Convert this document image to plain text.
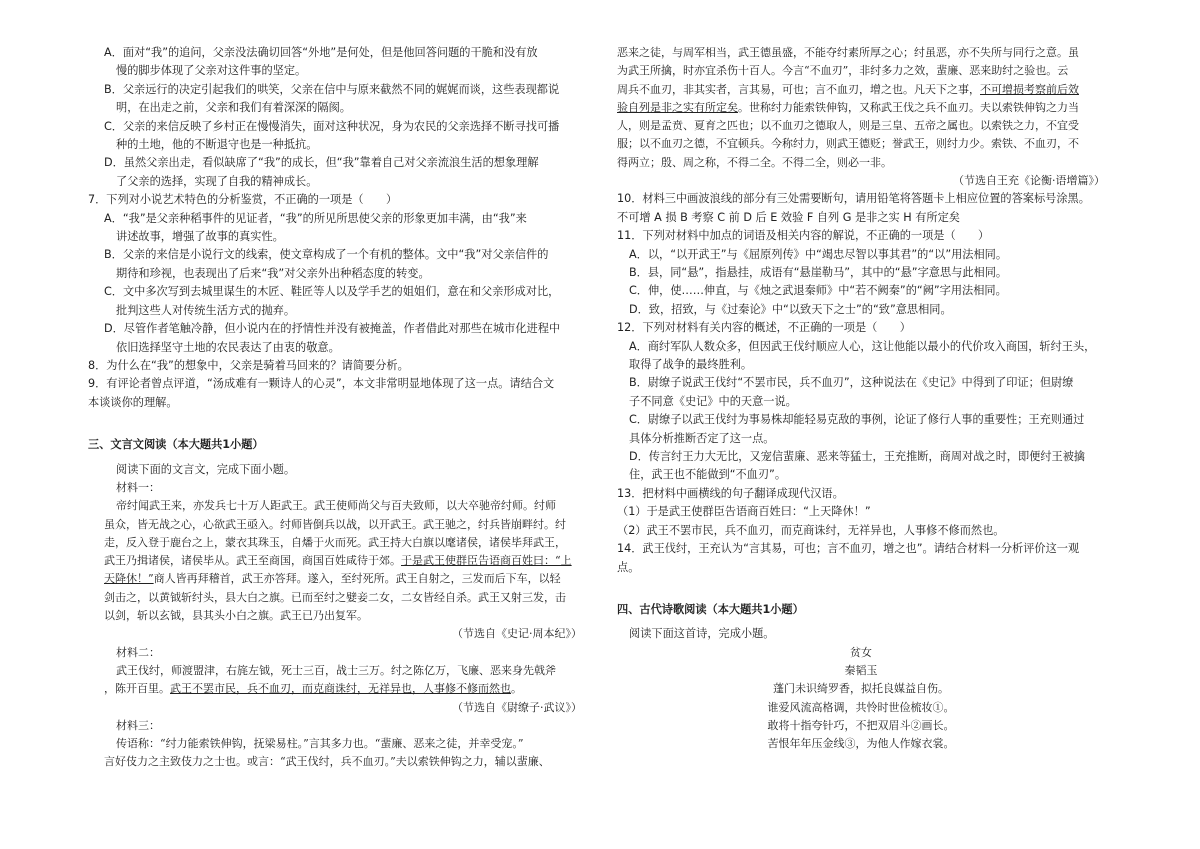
A．面对“我”的追问，父亲没法确切回答“外地”是何处，但是他回答问题的干脆和没有放
慢的脚步体现了父亲对这件事的坚定。
B．父亲远行的决定引起我们的哄笑，父亲在信中与原来截然不同的娓娓而谈，这些表现都说
明，在出走之前，父亲和我们有着深深的隔阂。
C．父亲的来信反映了乡村正在慢慢消失，面对这种状况，身为农民的父亲选择不断寻找可播
种的土地，他的不断退守也是一种抵抗。
D．虽然父亲出走，看似缺席了“我”的成长，但“我”靠着自己对父亲流浪生活的想象理解
了父亲的选择，实现了自我的精神成长。
7．下列对小说艺术特色的分析鉴赏，不正确的一项是（　　）
A．“我”是父亲种稻事件的见证者，“我”的所见所思使父亲的形象更加丰满，由“我”来
讲述故事，增强了故事的真实性。
B．父亲的来信是小说行文的线索，使文章构成了一个有机的整体。文中“我”对父亲信件的
期待和珍视，也表现出了后来“我”对父亲外出种稻态度的转变。
C．文中多次写到去城里谋生的木匠、鞋匠等人以及学手艺的姐姐们，意在和父亲形成对比，
批判这些人对传统生活方式的抛弃。
D．尽管作者笔触冷静，但小说内在的抒情性并没有被掩盖，作者借此对那些在城市化进程中
依旧选择坚守土地的农民表达了由衷的敬意。
8．为什么在“我”的想象中，父亲是骑着马回来的？请简要分析。
9．有评论者曾点评道，“汤成难有一颗诗人的心灵”，本文非常明显地体现了这一点。请结合文
本谈谈你的理解。
三、文言文阅读（本大题共1小题）
阅读下面的文言文，完成下面小题。
材料一：
帝纣闻武王来，亦发兵七十万人距武王。武王使师尚父与百夫致师，以大卒驰帝纣师。纣师
虽众，皆无战之心，心欲武王亟入。纣师皆倒兵以战，以开武王。武王驰之，纣兵皆崩畔纣。纣
走，反入登于鹿台之上，蒙衣其珠玉，自燔于火而死。武王持大白旗以麾诸侯，诸侯毕拜武王，
武王乃揖诸侯，诸侯毕从。武王至商国，商国百姓咸待于郊。于是武王使群臣告语商百姓曰：“上
天降休！”商人皆再拜稽首，武王亦答拜。遂入，至纣死所。武王自射之，三发而后下车，以轻
剑击之，以黄钺斩纣头，县大白之旗。已而至纣之嬖妾二女，二女皆经自杀。武王又射三发，击
以剑，斩以玄钺，县其头小白之旗。武王已乃出复军。
（节选自《史记·周本纪》）
材料二：
武王伐纣，师渡盟津，右旄左钺，死士三百，战士三万。纣之陈亿万，飞廉、恶来身先戟斧
，陈开百里。武王不罢市民，兵不血刃，而克商诛纣，无祥异也，人事修不修而然也。
（节选自《尉缭子·武议》）
材料三：
传语称：“纣力能索铁伸钩，抚梁易柱。”言其多力也。“蜚廉、恶来之徒，并幸受宠。”
言好伎力之主致伎力之士也。或言：“武王伐纣，兵不血刃。”夫以索铁伸钩之力，辅以蜚廉、
恶来之徒，与周军相当，武王德虽盛，不能夺纣素所厚之心；纣虽恶，亦不失所与同行之意。虽
为武王所擒，时亦宜杀伤十百人。今言“不血刃”，非纣多力之效，蜚廉、恶来助纣之验也。云
周兵不血刃，非其实者，言其易，可也；言不血刃，增之也。凡天下之事，不可增损考察前后效
验自列是非之实有所定矣。世称纣力能索铁伸钩，又称武王伐之兵不血刃。夫以索铁伸钩之力当
人，则是孟贲、夏育之匹也；以不血刃之德取人，则是三皇、五帝之属也。以索铁之力，不宜受
服；以不血刃之德，不宜顿兵。今称纣力，则武王德贬；誉武王，则纣力少。索铁、不血刃，不
得两立；殷、周之称，不得二全。不得二全，则必一非。
（节选自王充《论衡·语增篇》）
10．材料三中画波浪线的部分有三处需要断句，请用铅笔将答题卡上相应位置的答案标号涂黑。
不可增 A 损 B 考察 C 前 D 后 E 效验 F 自列 G 是非之实 H 有所定矣
11．下列对材料中加点的词语及相关内容的解说，不正确的一项是（　　）
A．以，“以开武王”与《屈原列传》中“竭忠尽智以事其君”的“以”用法相同。
B．县，同“悬”，指悬挂，成语有“悬崖勒马”，其中的“悬”字意思与此相同。
C．伸，使……伸直，与《烛之武退秦师》中“若不阙秦”的“阙”字用法相同。
D．致，招致，与《过秦论》中“以致天下之士”的“致”意思相同。
12．下列对材料有关内容的概述，不正确的一项是（　　）
A．商纣军队人数众多，但因武王伐纣顺应人心，这让他能以最小的代价攻入商国，斩纣王头，
取得了战争的最终胜利。
B．尉缭子说武王伐纣“不罢市民，兵不血刃”，这种说法在《史记》中得到了印证；但尉缭
子不同意《史记》中的天意一说。
C．尉缭子以武王伐纣为事易株却能轻易克敌的事例，论证了修行人事的重要性；王充则通过
具体分析推断否定了这一点。
D．传言纣王力大无比，又宠信蜚廉、恶来等猛士，王充推断，商周对战之时，即便纣王被擒
住，武王也不能做到“不血刃”。
13．把材料中画横线的句子翻译成现代汉语。
（1）于是武王使群臣告语商百姓曰：“上天降休！”
（2）武王不罢市民，兵不血刃，而克商诛纣，无祥异也，人事修不修而然也。
14．武王伐纣，王充认为“言其易，可也；言不血刃，增之也”。请结合材料一分析评价这一观
点。
四、古代诗歌阅读（本大题共1小题）
阅读下面这首诗，完成小题。
贫女
秦韬玉
蓬门未识绮罗香，拟托良媒益自伤。
谁爱风流高格调，共怜时世俭梳妆①。
敢将十指夸针巧，不把双眉斗②画长。
苦恨年年压金线③，为他人作嫁衣裳。
